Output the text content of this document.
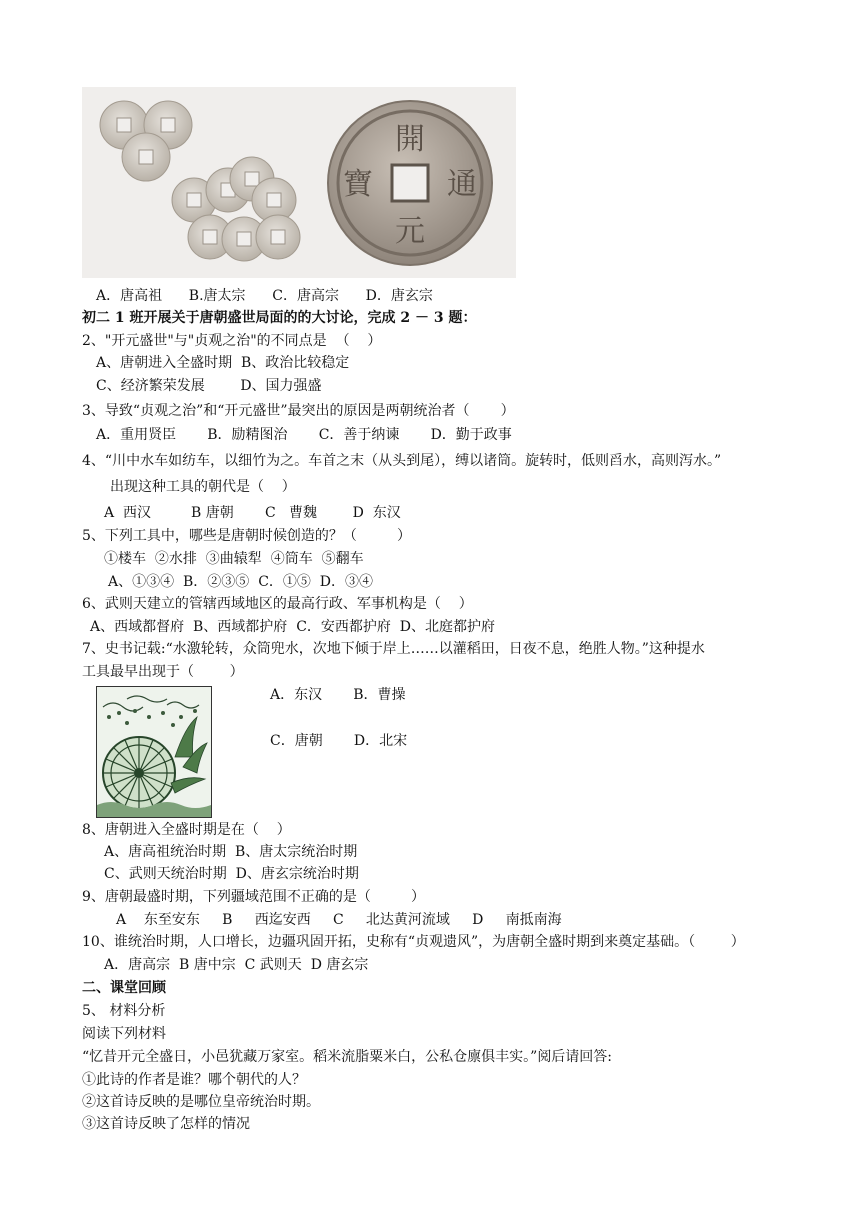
開
元
通
寶
A．唐高祖      B.唐太宗      C．唐高宗      D．唐玄宗
初二 1 班开展关于唐朝盛世局面的的大讨论，完成 2 － 3 题：
2、"开元盛世"与"贞观之治"的不同点是  （    ）
A、唐朝进入全盛时期  B、政治比较稳定
C、经济繁荣发展        D、国力强盛
3、导致“贞观之治”和“开元盛世”最突出的原因是两朝统治者（       ）
A．重用贤臣       B．励精图治       C．善于纳谏       D．勤于政事
4、“川中水车如纺车，以细竹为之。车首之末（从头到尾），缚以诸筒。旋转时，低则舀水，高则泻水。”
出现这种工具的朝代是（    ）
A  西汉         B 唐朝       C   曹魏        D  东汉
5、下列工具中，哪些是唐朝时候创造的？（         ）
①楼车  ②水排  ③曲辕犁  ④筒车  ⑤翻车
A、①③④  B．②③⑤  C．①⑤  D．③④
6、武则天建立的管辖西域地区的最高行政、军事机构是（    ）
A、西域都督府  B、西域都护府  C．安西都护府  D、北庭都护府
7、史书记载:“水激轮转，众筒兜水，次地下倾于岸上……以灌稻田，日夜不息，绝胜人物。”这种提水
工具最早出现于（        ）
A．东汉       B．曹操
C．唐朝       D．北宋
8、唐朝进入全盛时期是在（    ）
A、唐高祖统治时期  B、唐太宗统治时期
C、武则天统治时期  D、唐玄宗统治时期
9、唐朝最盛时期，下列疆域范围不正确的是（         ）
A    东至安东     B     西迄安西     C     北达黄河流域     D     南抵南海
10、谁统治时期，人口增长，边疆巩固开拓，史称有“贞观遗风”，为唐朝全盛时期到来奠定基础。（        ）
A．唐高宗  B 唐中宗  C 武则天  D 唐玄宗
二、课堂回顾
5、 材料分析
阅读下列材料
“忆昔开元全盛日，小邑犹藏万家室。稻米流脂粟米白，公私仓廪俱丰实。”阅后请回答:
①此诗的作者是谁？哪个朝代的人？
②这首诗反映的是哪位皇帝统治时期。
③这首诗反映了怎样的情况
